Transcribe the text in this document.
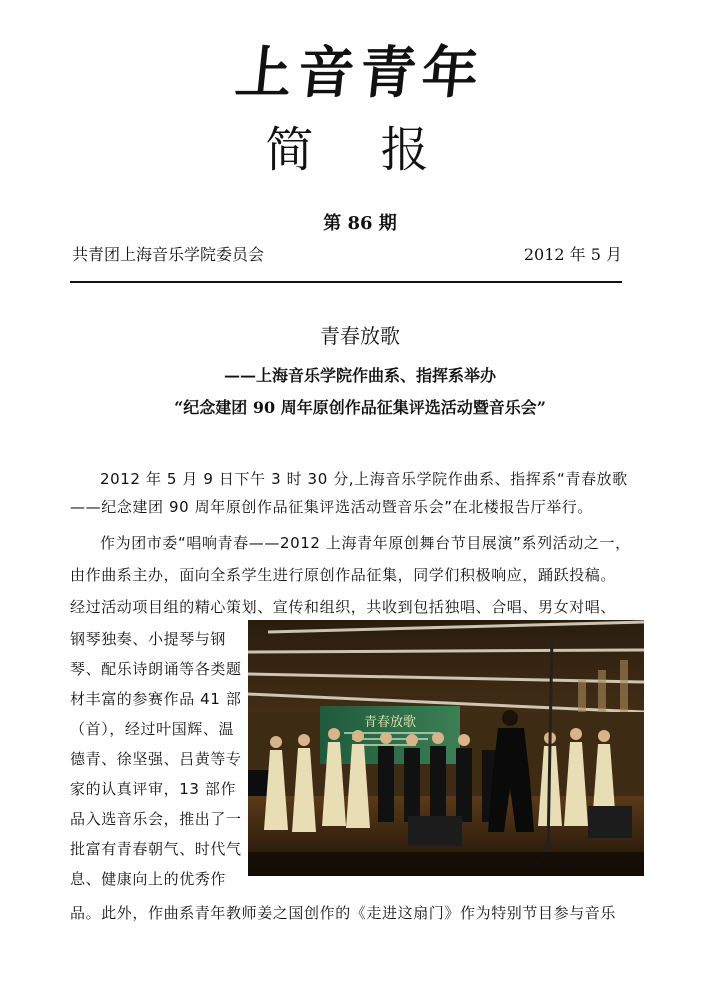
上音青年
简 报
第 86 期
共青团上海音乐学院委员会	2012 年 5 月
青春放歌
——上海音乐学院作曲系、指挥系举办
“纪念建团 90 周年原创作品征集评选活动暨音乐会”
2012 年 5 月 9 日下午 3 时 30 分,上海音乐学院作曲系、指挥系“青春放歌
——纪念建团 90 周年原创作品征集评选活动暨音乐会”在北楼报告厅举行。
作为团市委“唱响青春——2012 上海青年原创舞台节目展演”系列活动之一，
由作曲系主办，面向全系学生进行原创作品征集，同学们积极响应，踊跃投稿。
经过活动项目组的精心策划、宣传和组织，共收到包括独唱、合唱、男女对唱、
钢琴独奏、小提琴与钢
琴、配乐诗朗诵等各类题
材丰富的参赛作品 41 部
（首），经过叶国辉、温
德青、徐坚强、吕黄等专
家的认真评审，13 部作
品入选音乐会，推出了一
批富有青春朝气、时代气
息、健康向上的优秀作
品。此外，作曲系青年教师姜之国创作的《走进这扇门》作为特别节目参与音乐
青春放歌
